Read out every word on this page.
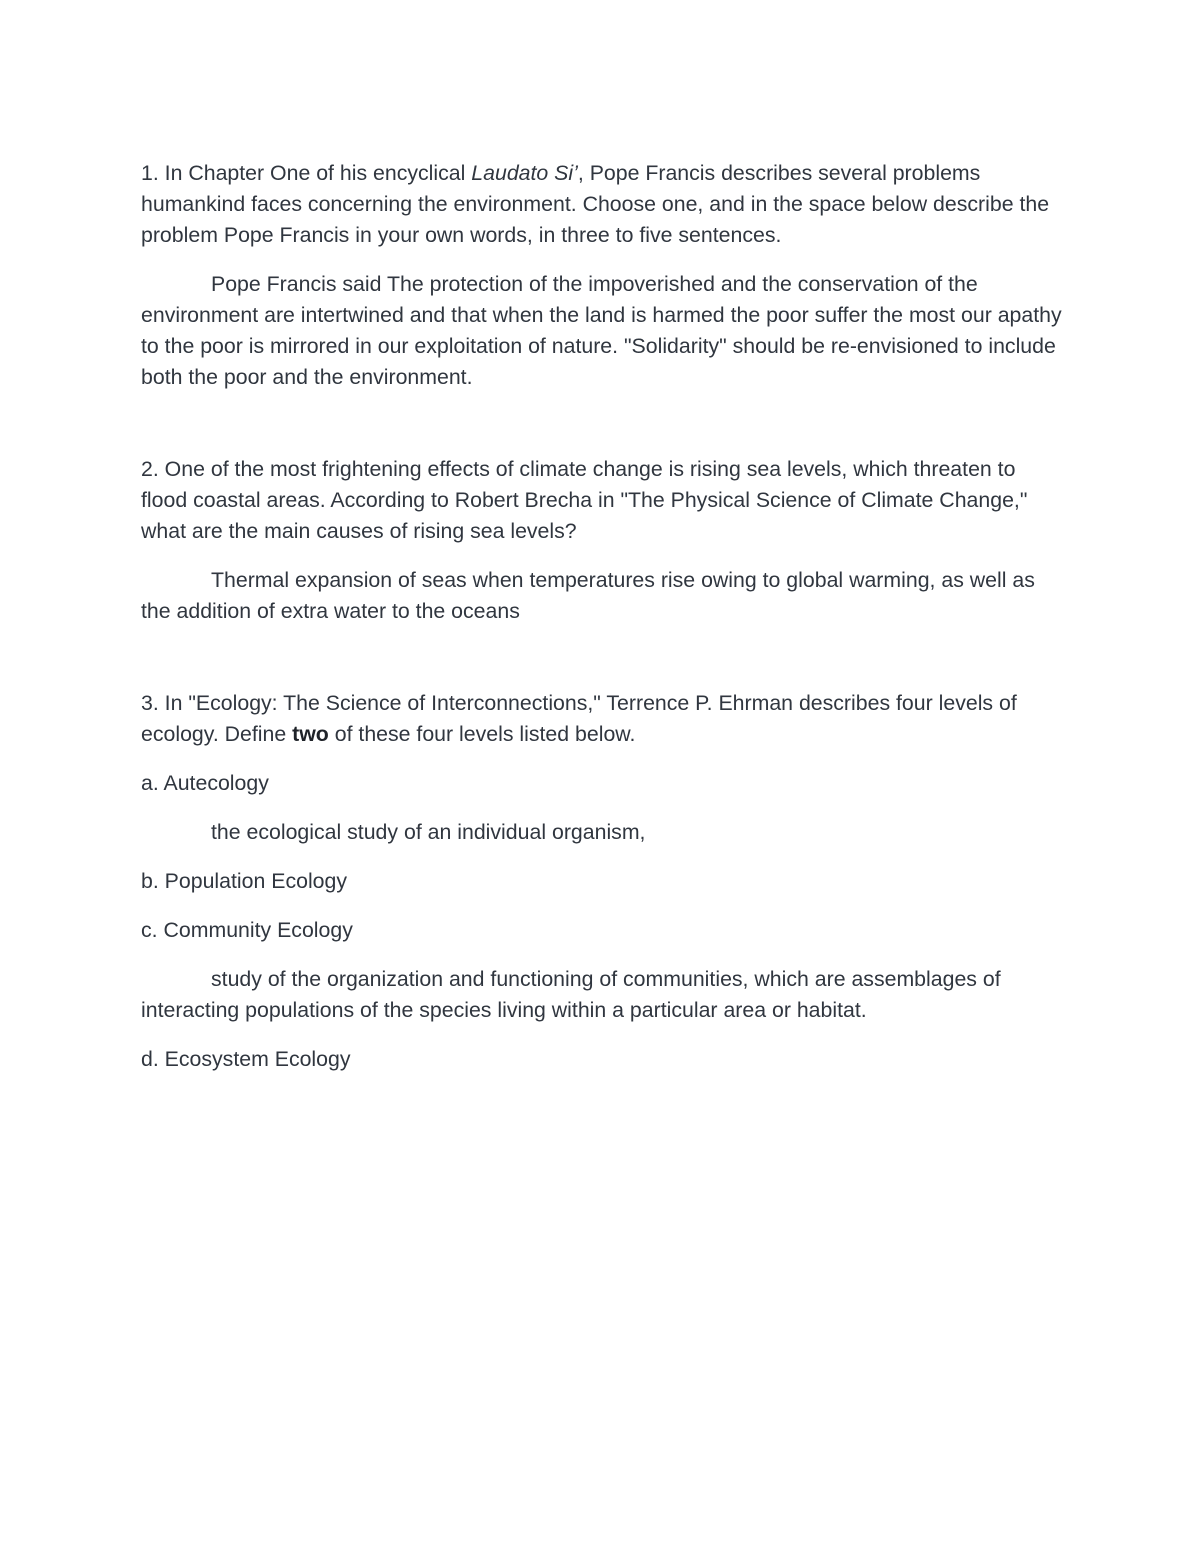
1. In Chapter One of his encyclical Laudato Si’, Pope Francis describes several problems humankind faces concerning the environment. Choose one, and in the space below describe the problem Pope Francis in your own words, in three to five sentences.

Pope Francis said The protection of the impoverished and the conservation of the environment are intertwined and that when the land is harmed the poor suffer the most our apathy to the poor is mirrored in our exploitation of nature. "Solidarity" should be re-envisioned to include both the poor and the environment.

2. One of the most frightening effects of climate change is rising sea levels, which threaten to flood coastal areas. According to Robert Brecha in "The Physical Science of Climate Change," what are the main causes of rising sea levels?

Thermal expansion of seas when temperatures rise owing to global warming, as well as the addition of extra water to the oceans

3. In "Ecology: The Science of Interconnections," Terrence P. Ehrman describes four levels of ecology. Define two of these four levels listed below.

a. Autecology

the ecological study of an individual organism,

b. Population Ecology

c. Community Ecology

study of the organization and functioning of communities, which are assemblages of interacting populations of the species living within a particular area or habitat.

d. Ecosystem Ecology
